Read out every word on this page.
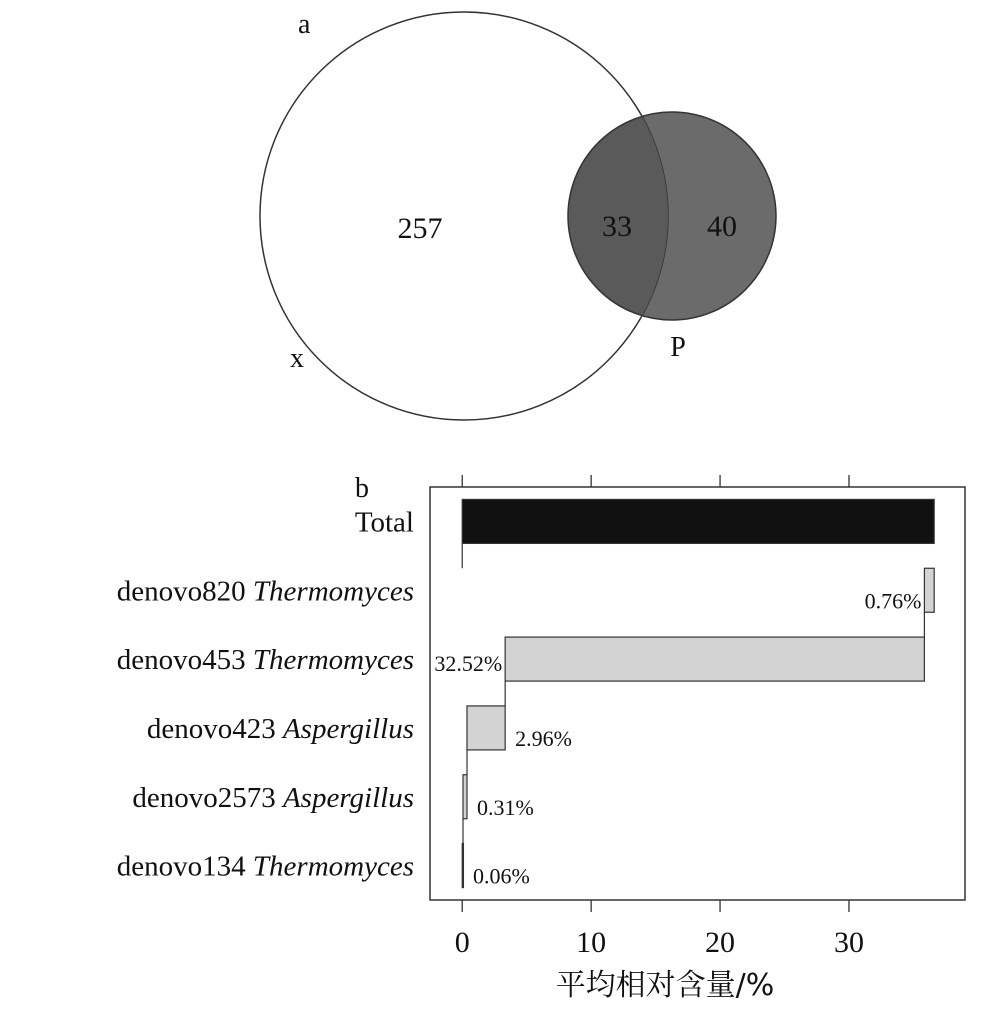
a
257	33	40
x	P
b
0	10	20	30
Total
denovo820 Thermomyces
denovo453 Thermomyces
denovo423 Aspergillus
denovo2573 Aspergillus
denovo134 Thermomyces
0.76%
32.52%
2.96%
0.31%
0.06%
平均相对含量/%
